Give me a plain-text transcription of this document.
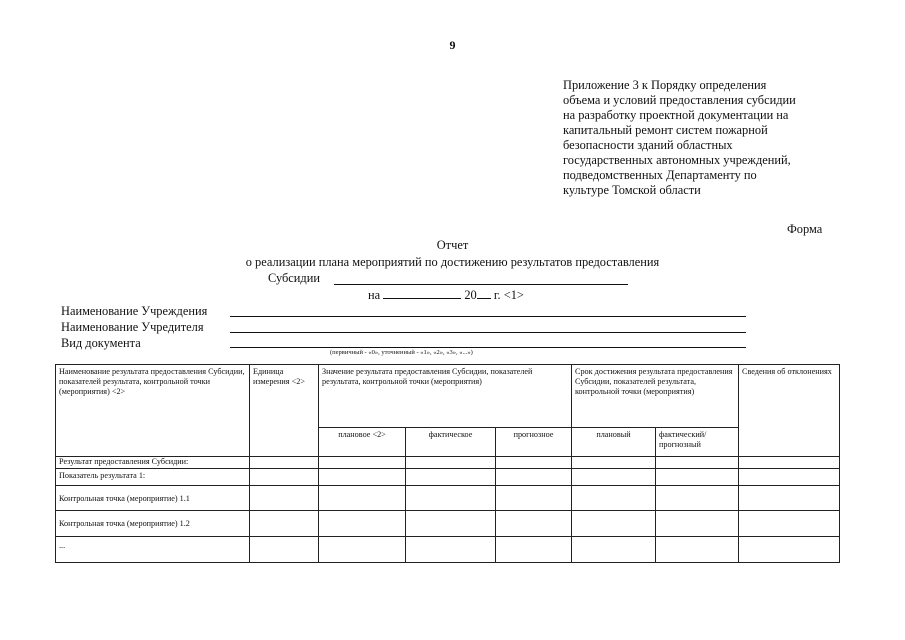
9
Приложение 3 к Порядку определения
объема и условий предоставления субсидии
на разработку проектной документации на
капитальный ремонт систем пожарной
безопасности зданий областных
государственных автономных учреждений,
подведомственных Департаменту по
культуре Томской области
Форма
Отчет
о реализации плана мероприятий по достижению результатов предоставления
Субсидии
на	20 г. <1>
Наименование Учреждения
Наименование Учредителя
Вид документа
(первичный - «0», уточненный - «1», «2», «3», «...»)
Наименование результата предоставления Субсидии, показателей результата, контрольной точки (мероприятия) <2>	Единица измерения <2>	Значение результата предоставления Субсидии, показателей результата, контрольной точки (мероприятия)			Срок достижения результата предоставления Субсидии, показателей результата, контрольной точки (мероприятия)		Сведения об отклонениях
		плановое <2>	фактическое	прогнозное	плановый	фактический/ прогнозный	
Результат предоставления Субсидии:							
Показатель результата 1:							
Контрольная точка (мероприятие) 1.1							
Контрольная точка (мероприятие) 1.2							
...							
